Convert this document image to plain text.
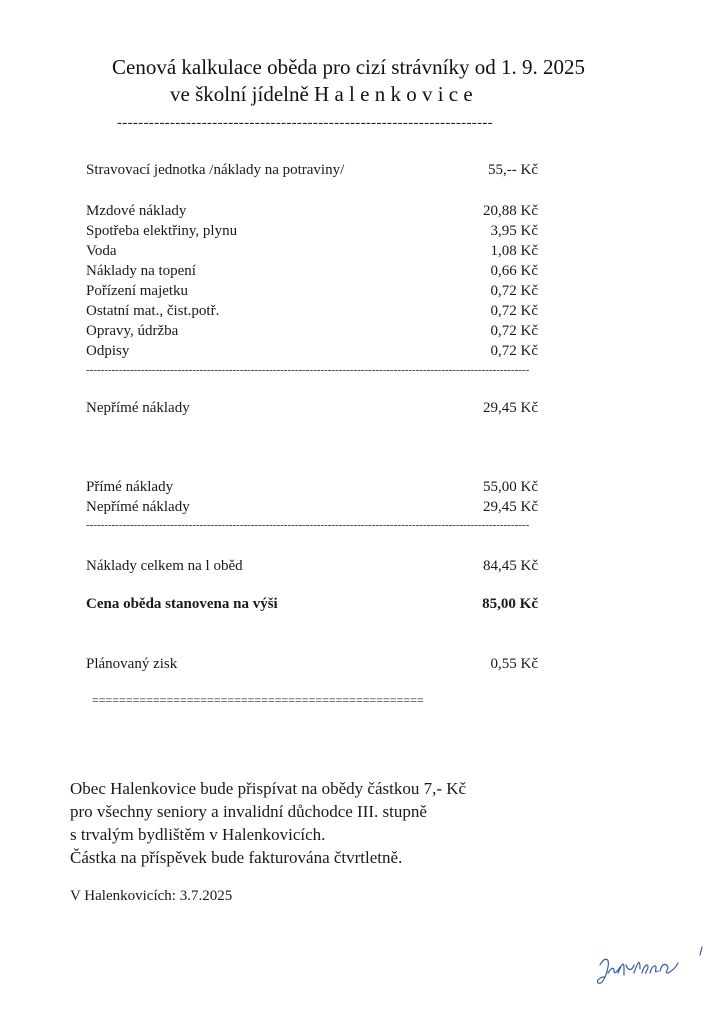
Cenová kalkulace oběda pro cizí strávníky od 1. 9. 2025
ve školní jídelně H a l e n k o v i c e
-----------------------------------------------------------------------
Stravovací jednotka /náklady na potraviny/	55,-- Kč
Mzdové náklady	20,88 Kč
Spotřeba elektřiny, plynu	3,95 Kč
Voda	1,08 Kč
Náklady na topení	0,66 Kč
Pořízení majetku	0,72 Kč
Ostatní mat., čist.potř.	0,72 Kč
Opravy, údržba	0,72 Kč
Odpisy	0,72 Kč
-------------------------------------------------------------------------------------------------------------------------
Nepřímé náklady	29,45 Kč
Přímé náklady	55,00 Kč
Nepřímé náklady	29,45 Kč
-------------------------------------------------------------------------------------------------------------------------
Náklady celkem na l oběd	84,45 Kč
Cena oběda stanovena na výši	85,00 Kč
Plánovaný zisk	0,55 Kč
=================================================
Obec Halenkovice bude přispívat na obědy částkou 7,- Kč
pro všechny seniory a invalidní důchodce III. stupně
s trvalým bydlištěm v Halenkovicích.
Částka na příspěvek bude fakturována čtvrtletně.
V Halenkovicích: 3.7.2025
